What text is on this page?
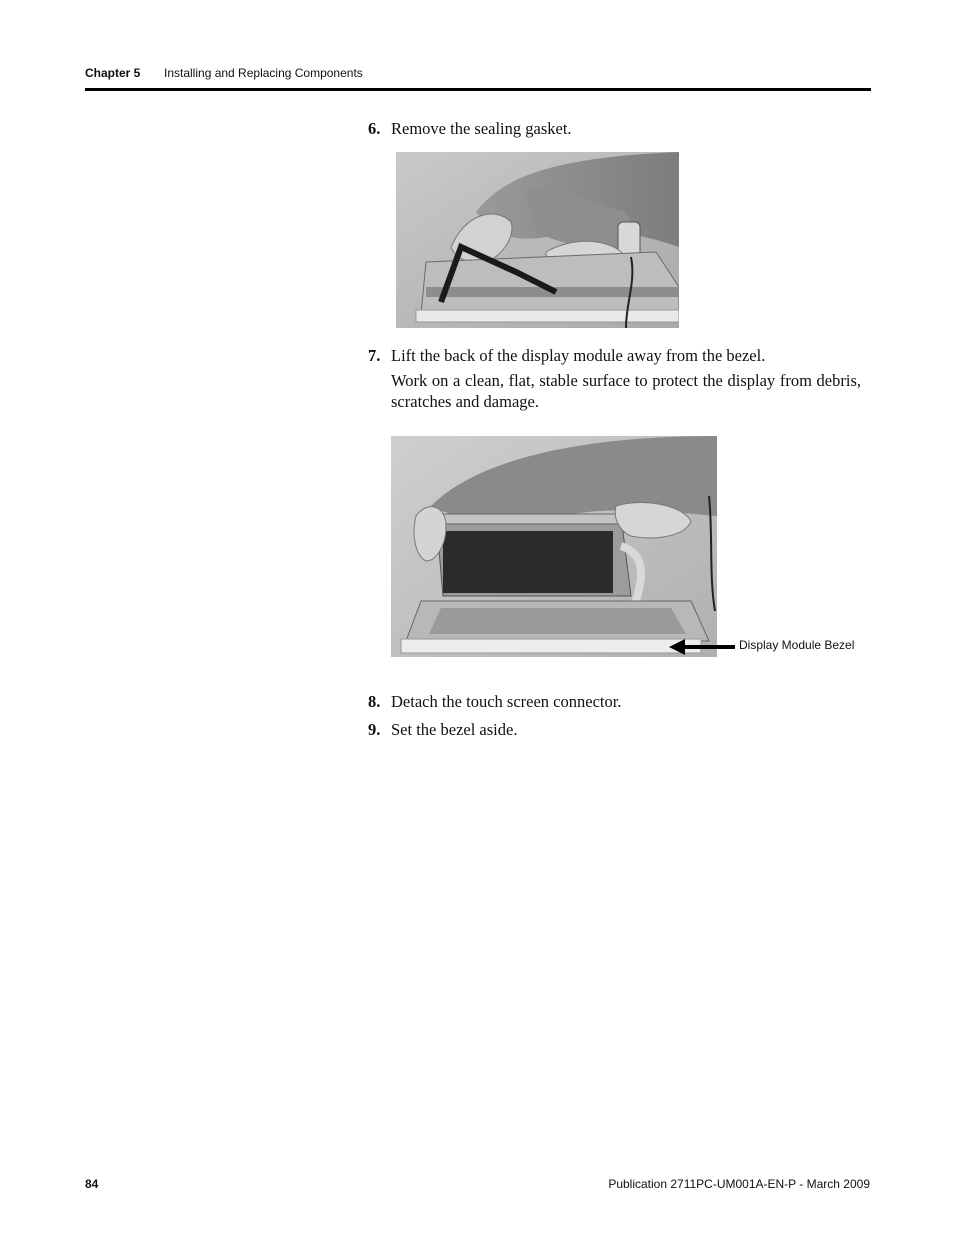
Chapter 5 Installing and Replacing Components
6. Remove the sealing gasket.
7. Lift the back of the display module away from the bezel.
Work on a clean, flat, stable surface to protect the display from debris, scratches and damage.
Display Module Bezel
8. Detach the touch screen connector.
9. Set the bezel aside.
84	Publication 2711PC-UM001A-EN-P - March 2009
